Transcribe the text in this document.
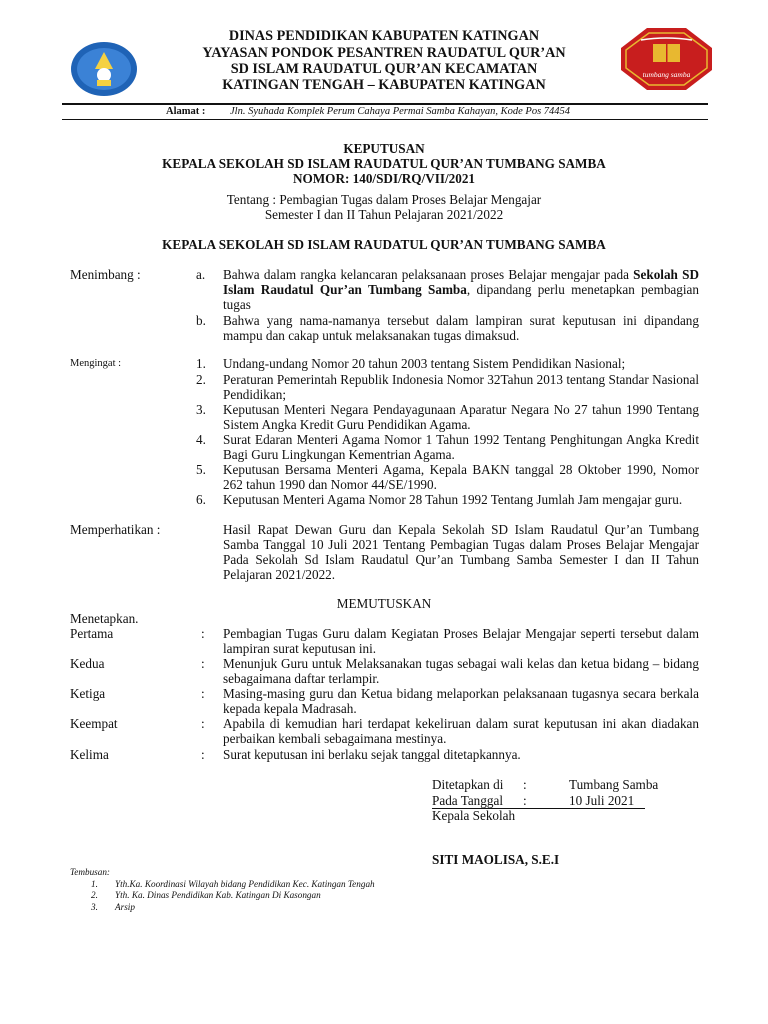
DINAS PENDIDIKAN KABUPATEN KATINGAN
YAYASAN PONDOK PESANTREN RAUDATUL QUR’AN
SD ISLAM RAUDATUL QUR’AN KECAMATAN
KATINGAN TENGAH – KABUPATEN KATINGAN
tumbang samba
Alamat : Jln. Syuhada Komplek Perum Cahaya Permai Samba Kahayan, Kode Pos 74454
KEPUTUSAN
KEPALA SEKOLAH SD ISLAM RAUDATUL QUR’AN TUMBANG SAMBA
NOMOR: 140/SDI/RQ/VII/2021
Tentang : Pembagian Tugas dalam Proses Belajar Mengajar
Semester I dan II Tahun Pelajaran 2021/2022
KEPALA SEKOLAH SD ISLAM RAUDATUL QUR’AN TUMBANG SAMBA
Menimbang :	a. Bahwa dalam rangka kelancaran pelaksanaan proses Belajar mengajar pada Sekolah SD Islam Raudatul Qur’an Tumbang Samba, dipandang perlu menetapkan pembagian tugas
b. Bahwa yang nama-namanya tersebut dalam lampiran surat keputusan ini dipandang mampu dan cakap untuk melaksanakan tugas dimaksud.
Mengingat :	1. Undang-undang Nomor 20 tahun 2003 tentang Sistem Pendidikan Nasional;
2. Peraturan Pemerintah Republik Indonesia Nomor 32Tahun 2013 tentang Standar Nasional Pendidikan;
3. Keputusan Menteri Negara Pendayagunaan Aparatur Negara No 27 tahun 1990 Tentang Sistem Angka Kredit Guru Pendidikan Agama.
4. Surat Edaran Menteri Agama Nomor 1 Tahun 1992 Tentang Penghitungan Angka Kredit Bagi Guru Lingkungan Kementrian Agama.
5. Keputusan Bersama Menteri Agama, Kepala BAKN tanggal 28 Oktober 1990, Nomor 262 tahun 1990 dan Nomor 44/SE/1990.
6. Keputusan Menteri Agama Nomor 28 Tahun 1992 Tentang Jumlah Jam mengajar guru.
Memperhatikan :	Hasil Rapat Dewan Guru dan Kepala Sekolah SD Islam Raudatul Qur’an Tumbang Samba Tanggal 10 Juli 2021 Tentang Pembagian Tugas dalam Proses Belajar Mengajar Pada Sekolah Sd Islam Raudatul Qur’an Tumbang Samba Semester I dan II Tahun Pelajaran 2021/2022.
MEMUTUSKAN
Menetapkan.
Pertama	: Pembagian Tugas Guru dalam Kegiatan Proses Belajar Mengajar seperti tersebut dalam lampiran surat keputusan ini.
Kedua	: Menunjuk Guru untuk Melaksanakan tugas sebagai wali kelas dan ketua bidang – bidang sebagaimana daftar terlampir.
Ketiga	: Masing-masing guru dan Ketua bidang melaporkan pelaksanaan tugasnya secara berkala kepada kepala Madrasah.
Keempat	: Apabila di kemudian hari terdapat kekeliruan dalam surat keputusan ini akan diadakan perbaikan kembali sebagaimana mestinya.
Kelima	: Surat keputusan ini berlaku sejak tanggal ditetapkannya.
Ditetapkan di :	Tumbang Samba
Pada Tanggal :	10 Juli 2021
Kepala Sekolah
SITI MAOLISA, S.E.I
Tembusan:
1. Yth.Ka. Koordinasi Wilayah bidang Pendidikan Kec. Katingan Tengah
2. Yth. Ka. Dinas Pendidikan Kab. Katingan Di Kasongan
3. Arsip
